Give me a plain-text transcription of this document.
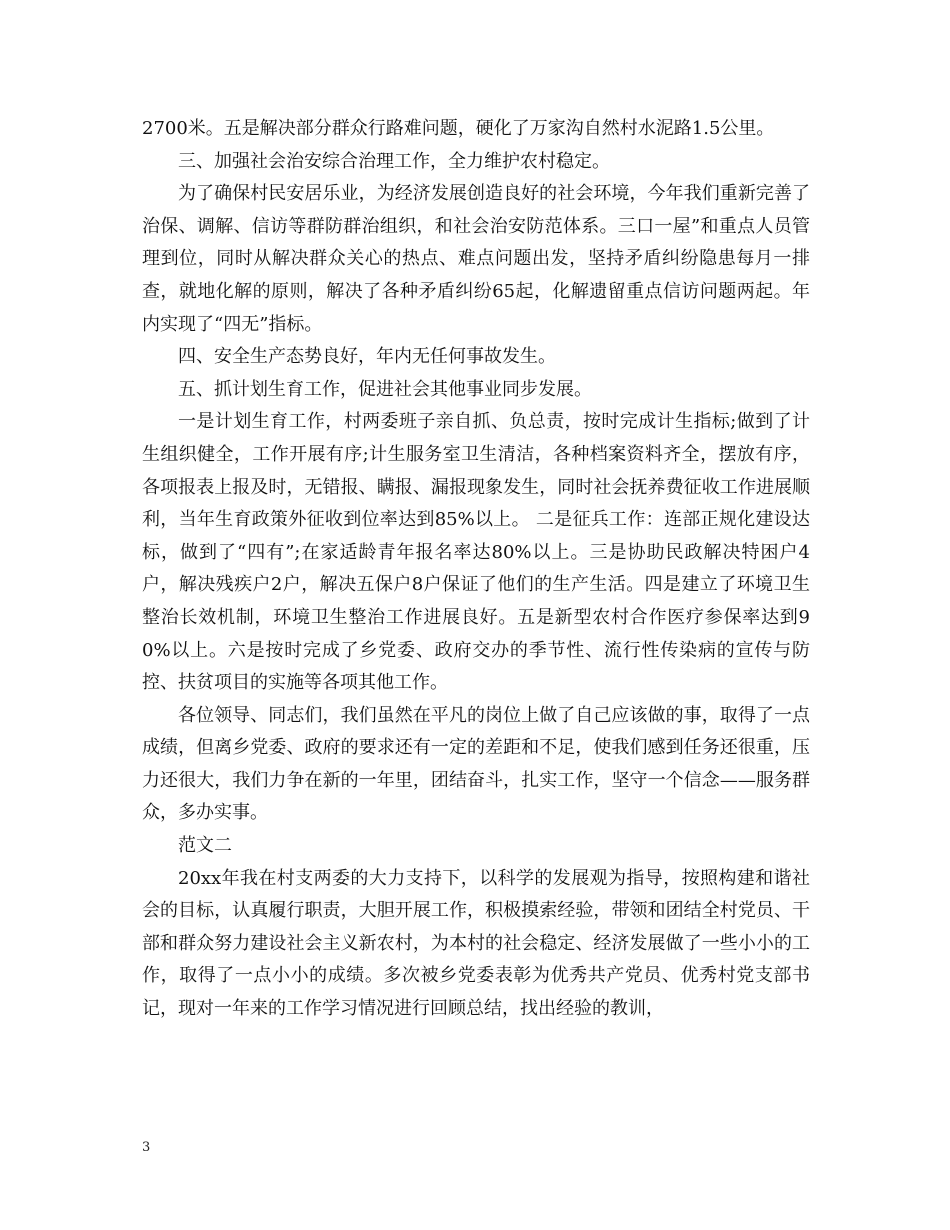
2700米。五是解决部分群众行路难问题，硬化了万家沟自然村水泥路1.5公里。

三、加强社会治安综合治理工作，全力维护农村稳定。

为了确保村民安居乐业，为经济发展创造良好的社会环境，今年我们重新完善了治保、调解、信访等群防群治组织，和社会治安防范体系。三口一屋”和重点人员管理到位，同时从解决群众关心的热点、难点问题出发，坚持矛盾纠纷隐患每月一排查，就地化解的原则，解决了各种矛盾纠纷65起，化解遗留重点信访问题两起。年内实现了“四无”指标。

四、安全生产态势良好，年内无任何事故发生。

五、抓计划生育工作，促进社会其他事业同步发展。

一是计划生育工作，村两委班子亲自抓、负总责，按时完成计生指标;做到了计生组织健全，工作开展有序;计生服务室卫生清洁，各种档案资料齐全，摆放有序，各项报表上报及时，无错报、瞒报、漏报现象发生，同时社会抚养费征收工作进展顺利，当年生育政策外征收到位率达到85%以上。 二是征兵工作：连部正规化建设达标，做到了“四有”;在家适龄青年报名率达80%以上。三是协助民政解决特困户4户，解决残疾户2户，解决五保户8户保证了他们的生产生活。四是建立了环境卫生整治长效机制，环境卫生整治工作进展良好。五是新型农村合作医疗参保率达到90%以上。六是按时完成了乡党委、政府交办的季节性、流行性传染病的宣传与防控、扶贫项目的实施等各项其他工作。

各位领导、同志们，我们虽然在平凡的岗位上做了自己应该做的事，取得了一点成绩，但离乡党委、政府的要求还有一定的差距和不足，使我们感到任务还很重，压力还很大，我们力争在新的一年里，团结奋斗，扎实工作，坚守一个信念——服务群众，多办实事。

范文二

20xx年我在村支两委的大力支持下，以科学的发展观为指导，按照构建和谐社会的目标，认真履行职责，大胆开展工作，积极摸索经验，带领和团结全村党员、干部和群众努力建设社会主义新农村，为本村的社会稳定、经济发展做了一些小小的工作，取得了一点小小的成绩。多次被乡党委表彰为优秀共产党员、优秀村党支部书记，现对一年来的工作学习情况进行回顾总结，找出经验的教训，

3
